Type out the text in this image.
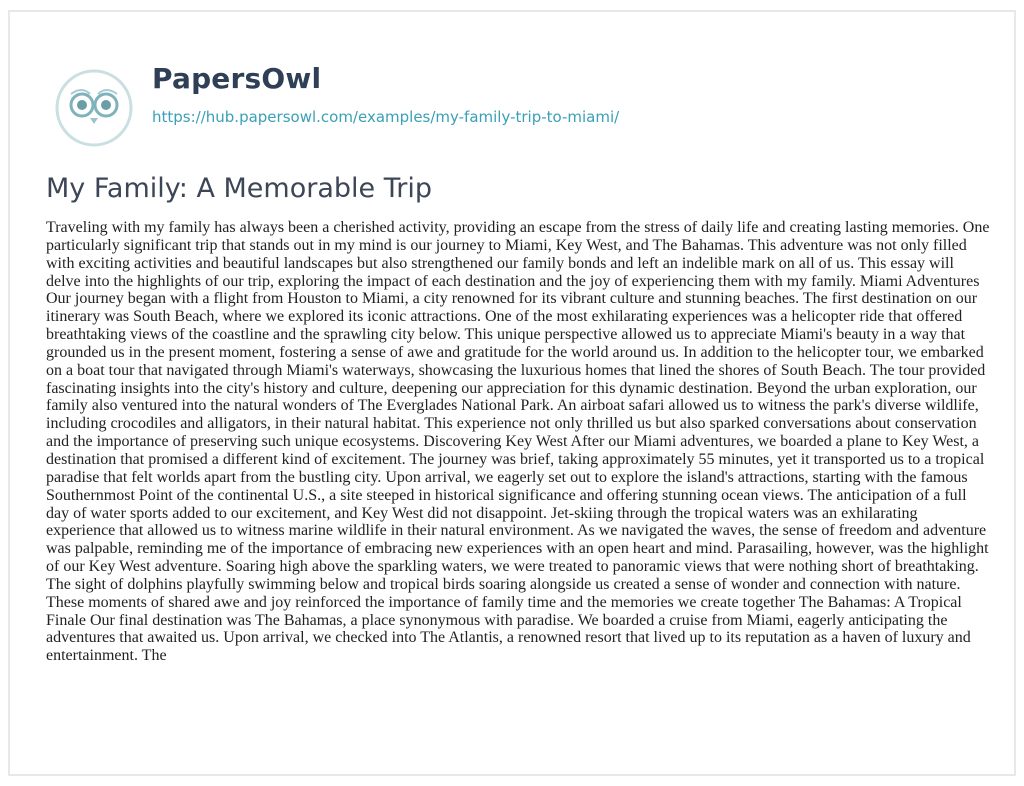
PapersOwl
https://hub.papersowl.com/examples/my-family-trip-to-miami/
My Family: A Memorable Trip

Traveling with my family has always been a cherished activity, providing an escape from the stress of daily life and creating lasting memories. One particularly significant trip that stands out in my mind is our journey to Miami, Key West, and The Bahamas. This adventure was not only filled with exciting activities and beautiful landscapes but also strengthened our family bonds and left an indelible mark on all of us. This essay will delve into the highlights of our trip, exploring the impact of each destination and the joy of experiencing them with my family. Miami Adventures Our journey began with a flight from Houston to Miami, a city renowned for its vibrant culture and stunning beaches. The first destination on our itinerary was South Beach, where we explored its iconic attractions. One of the most exhilarating experiences was a helicopter ride that offered breathtaking views of the coastline and the sprawling city below. This unique perspective allowed us to appreciate Miami's beauty in a way that grounded us in the present moment, fostering a sense of awe and gratitude for the world around us. In addition to the helicopter tour, we embarked on a boat tour that navigated through Miami's waterways, showcasing the luxurious homes that lined the shores of South Beach. The tour provided fascinating insights into the city's history and culture, deepening our appreciation for this dynamic destination. Beyond the urban exploration, our family also ventured into the natural wonders of The Everglades National Park. An airboat safari allowed us to witness the park's diverse wildlife, including crocodiles and alligators, in their natural habitat. This experience not only thrilled us but also sparked conversations about conservation and the importance of preserving such unique ecosystems. Discovering Key West After our Miami adventures, we boarded a plane to Key West, a destination that promised a different kind of excitement. The journey was brief, taking approximately 55 minutes, yet it transported us to a tropical paradise that felt worlds apart from the bustling city. Upon arrival, we eagerly set out to explore the island's attractions, starting with the famous Southernmost Point of the continental U.S., a site steeped in historical significance and offering stunning ocean views. The anticipation of a full day of water sports added to our excitement, and Key West did not disappoint. Jet-skiing through the tropical waters was an exhilarating experience that allowed us to witness marine wildlife in their natural environment. As we navigated the waves, the sense of freedom and adventure was palpable, reminding me of the importance of embracing new experiences with an open heart and mind. Parasailing, however, was the highlight of our Key West adventure. Soaring high above the sparkling waters, we were treated to panoramic views that were nothing short of breathtaking. The sight of dolphins playfully swimming below and tropical birds soaring alongside us created a sense of wonder and connection with nature. These moments of shared awe and joy reinforced the importance of family time and the memories we create together The Bahamas: A Tropical Finale Our final destination was The Bahamas, a place synonymous with paradise. We boarded a cruise from Miami, eagerly anticipating the adventures that awaited us. Upon arrival, we checked into The Atlantis, a renowned resort that lived up to its reputation as a haven of luxury and entertainment. The
